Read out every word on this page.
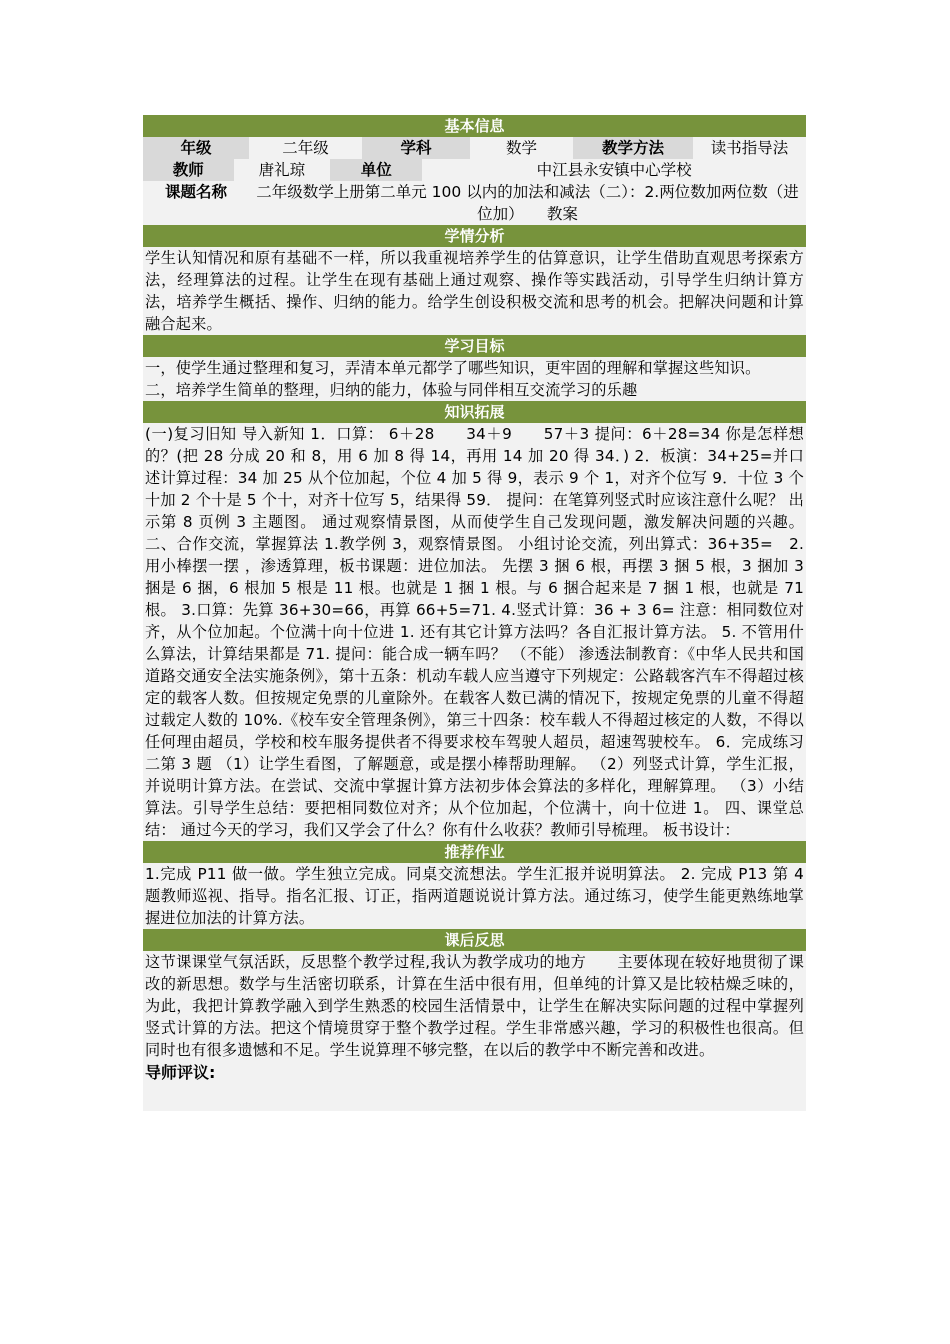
基本信息
年级	二年级	学科	数学	教学方法	读书指导法
教师	唐礼琼	单位	中江县永安镇中心学校
课题名称	二年级数学上册第二单元 100 以内的加法和减法（二）：2.两位数加两位数（进位加）　　教案
学情分析

学生认知情况和原有基础不一样，所以我重视培养学生的估算意识，让学生借助直观思考探索方法，经理算法的过程。让学生在现有基础上通过观察、操作等实践活动，引导学生归纳计算方法，培养学生概括、操作、归纳的能力。给学生创设积极交流和思考的机会。把解决问题和计算融合起来。

学习目标

一，使学生通过整理和复习，弄清本单元都学了哪些知识，更牢固的理解和掌握这些知识。

二，培养学生简单的整理，归纳的能力，体验与同伴相互交流学习的乐趣

知识拓展

(一)复习旧知 导入新知 1．口算： 6＋28　　34＋9　　57＋3 提问：6＋28=34 你是怎样想的？(把 28 分成 20 和 8，用 6 加 8 得 14，再用 14 加 20 得 34．) 2．板演：34+25=并口述计算过程：34 加 25 从个位加起，个位 4 加 5 得 9，表示 9 个 1，对齐个位写 9．十位 3 个十加 2 个十是 5 个十，对齐十位写 5，结果得 59． 提问：在笔算列竖式时应该注意什么呢？ 出示第 8 页例 3 主题图。 通过观察情景图，从而使学生自己发现问题，激发解决问题的兴趣。 二、合作交流，掌握算法 1.教学例 3，观察情景图。 小组讨论交流，列出算式：36+35=　2. 用小棒摆一摆 ，渗透算理，板书课题：进位加法。 先摆 3 捆 6 根，再摆 3 捆 5 根，3 捆加 3 捆是 6 捆，6 根加 5 根是 11 根。也就是 1 捆 1 根。与 6 捆合起来是 7 捆 1 根，也就是 71 根。 3.口算：先算 36+30=66，再算 66+5=71. 4.竖式计算：36 + 3 6= 注意：相同数位对齐，从个位加起。个位满十向十位进 1. 还有其它计算方法吗？各自汇报计算方法。 5. 不管用什么算法，计算结果都是 71. 提问：能合成一辆车吗？ （不能） 渗透法制教育：《中华人民共和国道路交通安全法实施条例》，第十五条：机动车载人应当遵守下列规定：公路载客汽车不得超过核定的载客人数。但按规定免票的儿童除外。在载客人数已满的情况下，按规定免票的儿童不得超过载定人数的 10%.《校车安全管理条例》，第三十四条：校车载人不得超过核定的人数，不得以任何理由超员，学校和校车服务提供者不得要求校车驾驶人超员，超速驾驶校车。 6．完成练习二第 3 题 （1）让学生看图，了解题意，或是摆小棒帮助理解。 （2）列竖式计算，学生汇报，并说明计算方法。在尝试、交流中掌握计算方法初步体会算法的多样化，理解算理。 （3）小结算法。引导学生总结：要把相同数位对齐；从个位加起，个位满十，向十位进 1。 四、课堂总结： 通过今天的学习，我们又学会了什么？你有什么收获？教师引导梳理。 板书设计：

推荐作业

1.完成 P11 做一做。学生独立完成。同桌交流想法。学生汇报并说明算法。 2. 完成 P13 第 4 题教师巡视、指导。指名汇报、订正，指两道题说说计算方法。通过练习，使学生能更熟练地掌握进位加法的计算方法。

课后反思

这节课课堂气氛活跃，反思整个教学过程,我认为教学成功的地方　　主要体现在较好地贯彻了课改的新思想。数学与生活密切联系，计算在生活中很有用，但单纯的计算又是比较枯燥乏味的，为此，我把计算教学融入到学生熟悉的校园生活情景中，让学生在解决实际问题的过程中掌握列竖式计算的方法。把这个情境贯穿于整个教学过程。学生非常感兴趣，学习的积极性也很高。但同时也有很多遗憾和不足。学生说算理不够完整，在以后的教学中不断完善和改进。

导师评议:
